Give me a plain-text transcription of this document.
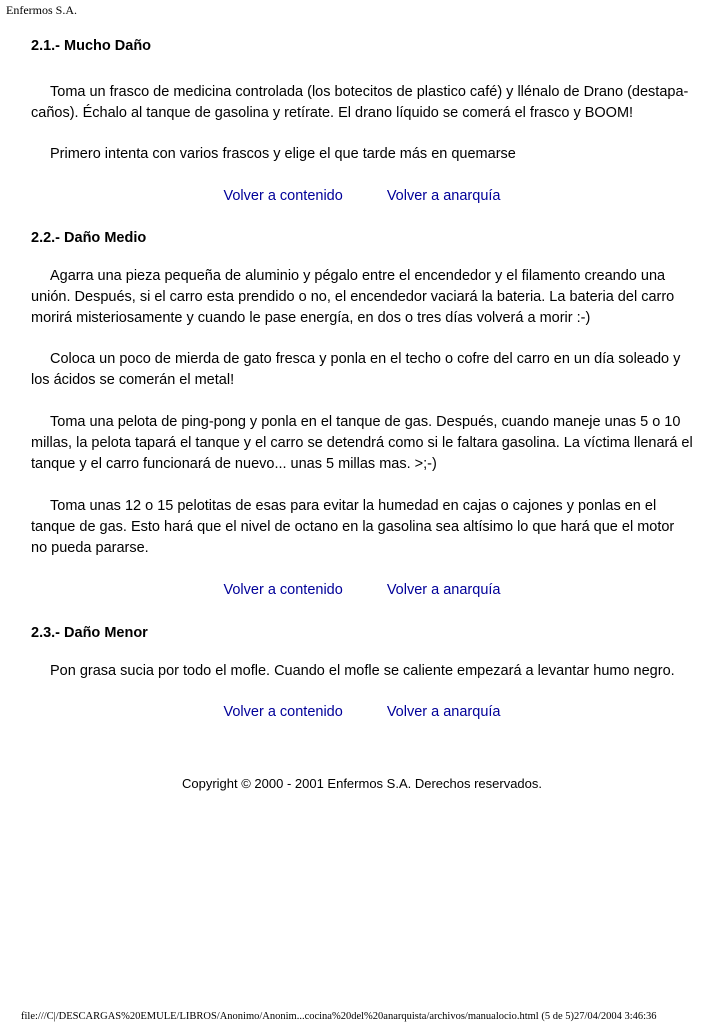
Enfermos S.A.
2.1.- Mucho Daño

Toma un frasco de medicina controlada (los botecitos de plastico café) y llénalo de Drano (destapa-caños). Échalo al tanque de gasolina y retírate. El drano líquido se comerá el frasco y BOOM!

Primero intenta con varios frascos y elige el que tarde más en quemarse

Volver a contenido	Volver a anarquía
2.2.- Daño Medio

Agarra una pieza pequeña de aluminio y pégalo entre el encendedor y el filamento creando una unión. Después, si el carro esta prendido o no, el encendedor vaciará la bateria. La bateria del carro morirá misteriosamente y cuando le pase energía, en dos o tres días volverá a morir :-)

Coloca un poco de mierda de gato fresca y ponla en el techo o cofre del carro en un día soleado y los ácidos se comerán el metal!

Toma una pelota de ping-pong y ponla en el tanque de gas. Después, cuando maneje unas 5 o 10 millas, la pelota tapará el tanque y el carro se detendrá como si le faltara gasolina. La víctima llenará el tanque y el carro funcionará de nuevo... unas 5 millas mas. >;-)

Toma unas 12 o 15 pelotitas de esas para evitar la humedad en cajas o cajones y ponlas en el tanque de gas. Esto hará que el nivel de octano en la gasolina sea altísimo lo que hará que el motor no pueda pararse.

Volver a contenido	Volver a anarquía
2.3.- Daño Menor

Pon grasa sucia por todo el mofle. Cuando el mofle se caliente empezará a levantar humo negro.

Volver a contenido	Volver a anarquía
Copyright © 2000 - 2001 Enfermos S.A. Derechos reservados.
file:///C|/DESCARGAS%20EMULE/LIBROS/Anonimo/Anonim...cocina%20del%20anarquista/archivos/manualocio.html (5 de 5)27/04/2004 3:46:36
